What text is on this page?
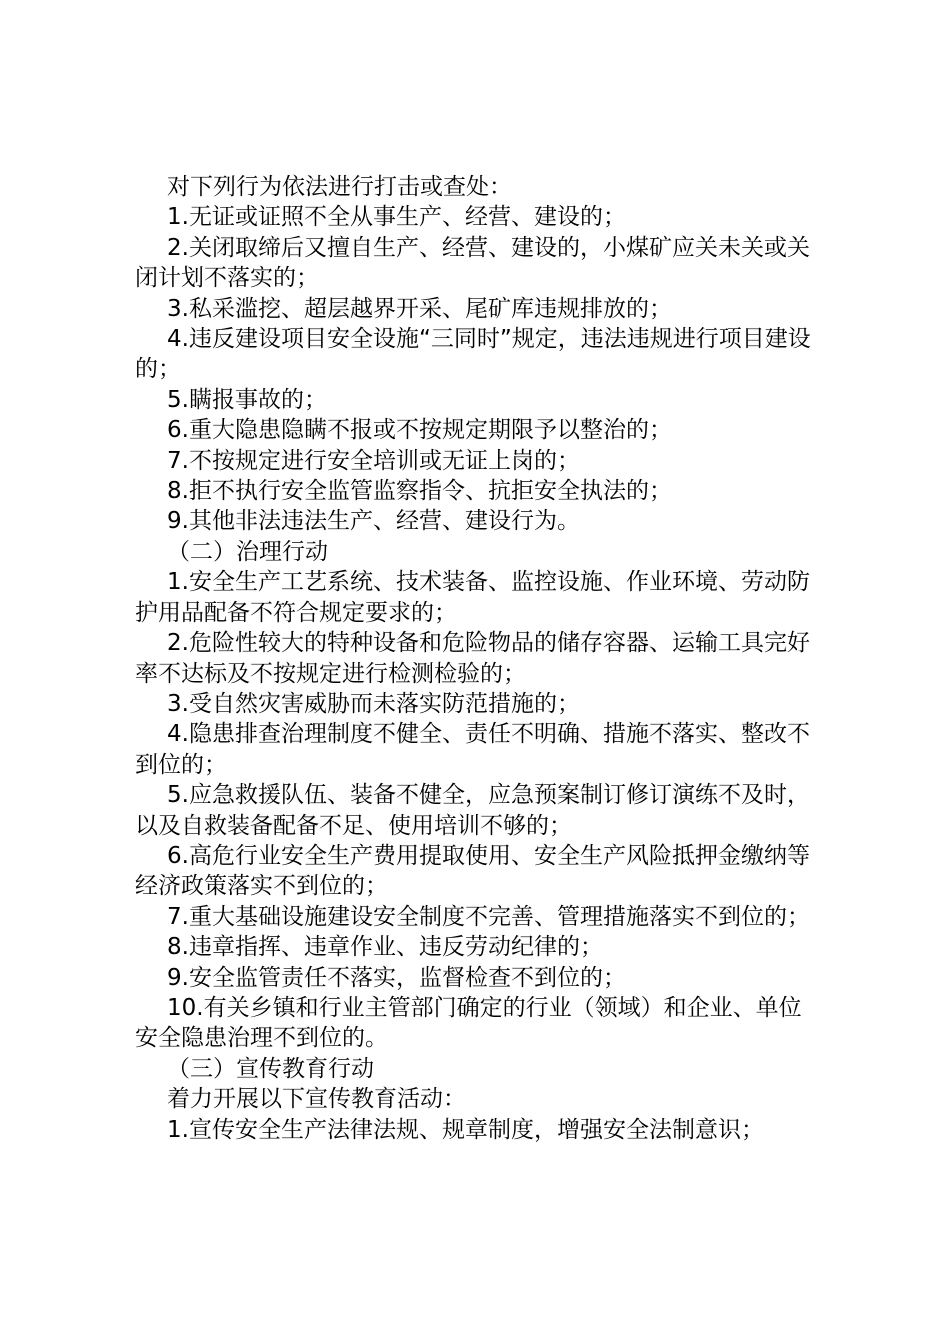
对下列行为依法进行打击或查处：

1.无证或证照不全从事生产、经营、建设的；

2.关闭取缔后又擅自生产、经营、建设的，小煤矿应关未关或关闭计划不落实的；

3.私采滥挖、超层越界开采、尾矿库违规排放的；

4.违反建设项目安全设施“三同时”规定，违法违规进行项目建设的；

5.瞒报事故的；

6.重大隐患隐瞒不报或不按规定期限予以整治的；

7.不按规定进行安全培训或无证上岗的；

8.拒不执行安全监管监察指令、抗拒安全执法的；

9.其他非法违法生产、经营、建设行为。

（二）治理行动

1.安全生产工艺系统、技术装备、监控设施、作业环境、劳动防护用品配备不符合规定要求的；

2.危险性较大的特种设备和危险物品的储存容器、运输工具完好率不达标及不按规定进行检测检验的；

3.受自然灾害威胁而未落实防范措施的；

4.隐患排查治理制度不健全、责任不明确、措施不落实、整改不到位的；

5.应急救援队伍、装备不健全，应急预案制订修订演练不及时，以及自救装备配备不足、使用培训不够的；

6.高危行业安全生产费用提取使用、安全生产风险抵押金缴纳等经济政策落实不到位的；

7.重大基础设施建设安全制度不完善、管理措施落实不到位的；

8.违章指挥、违章作业、违反劳动纪律的；

9.安全监管责任不落实，监督检查不到位的；

10.有关乡镇和行业主管部门确定的行业（领域）和企业、单位安全隐患治理不到位的。

（三）宣传教育行动

着力开展以下宣传教育活动：

1.宣传安全生产法律法规、规章制度，增强安全法制意识；
